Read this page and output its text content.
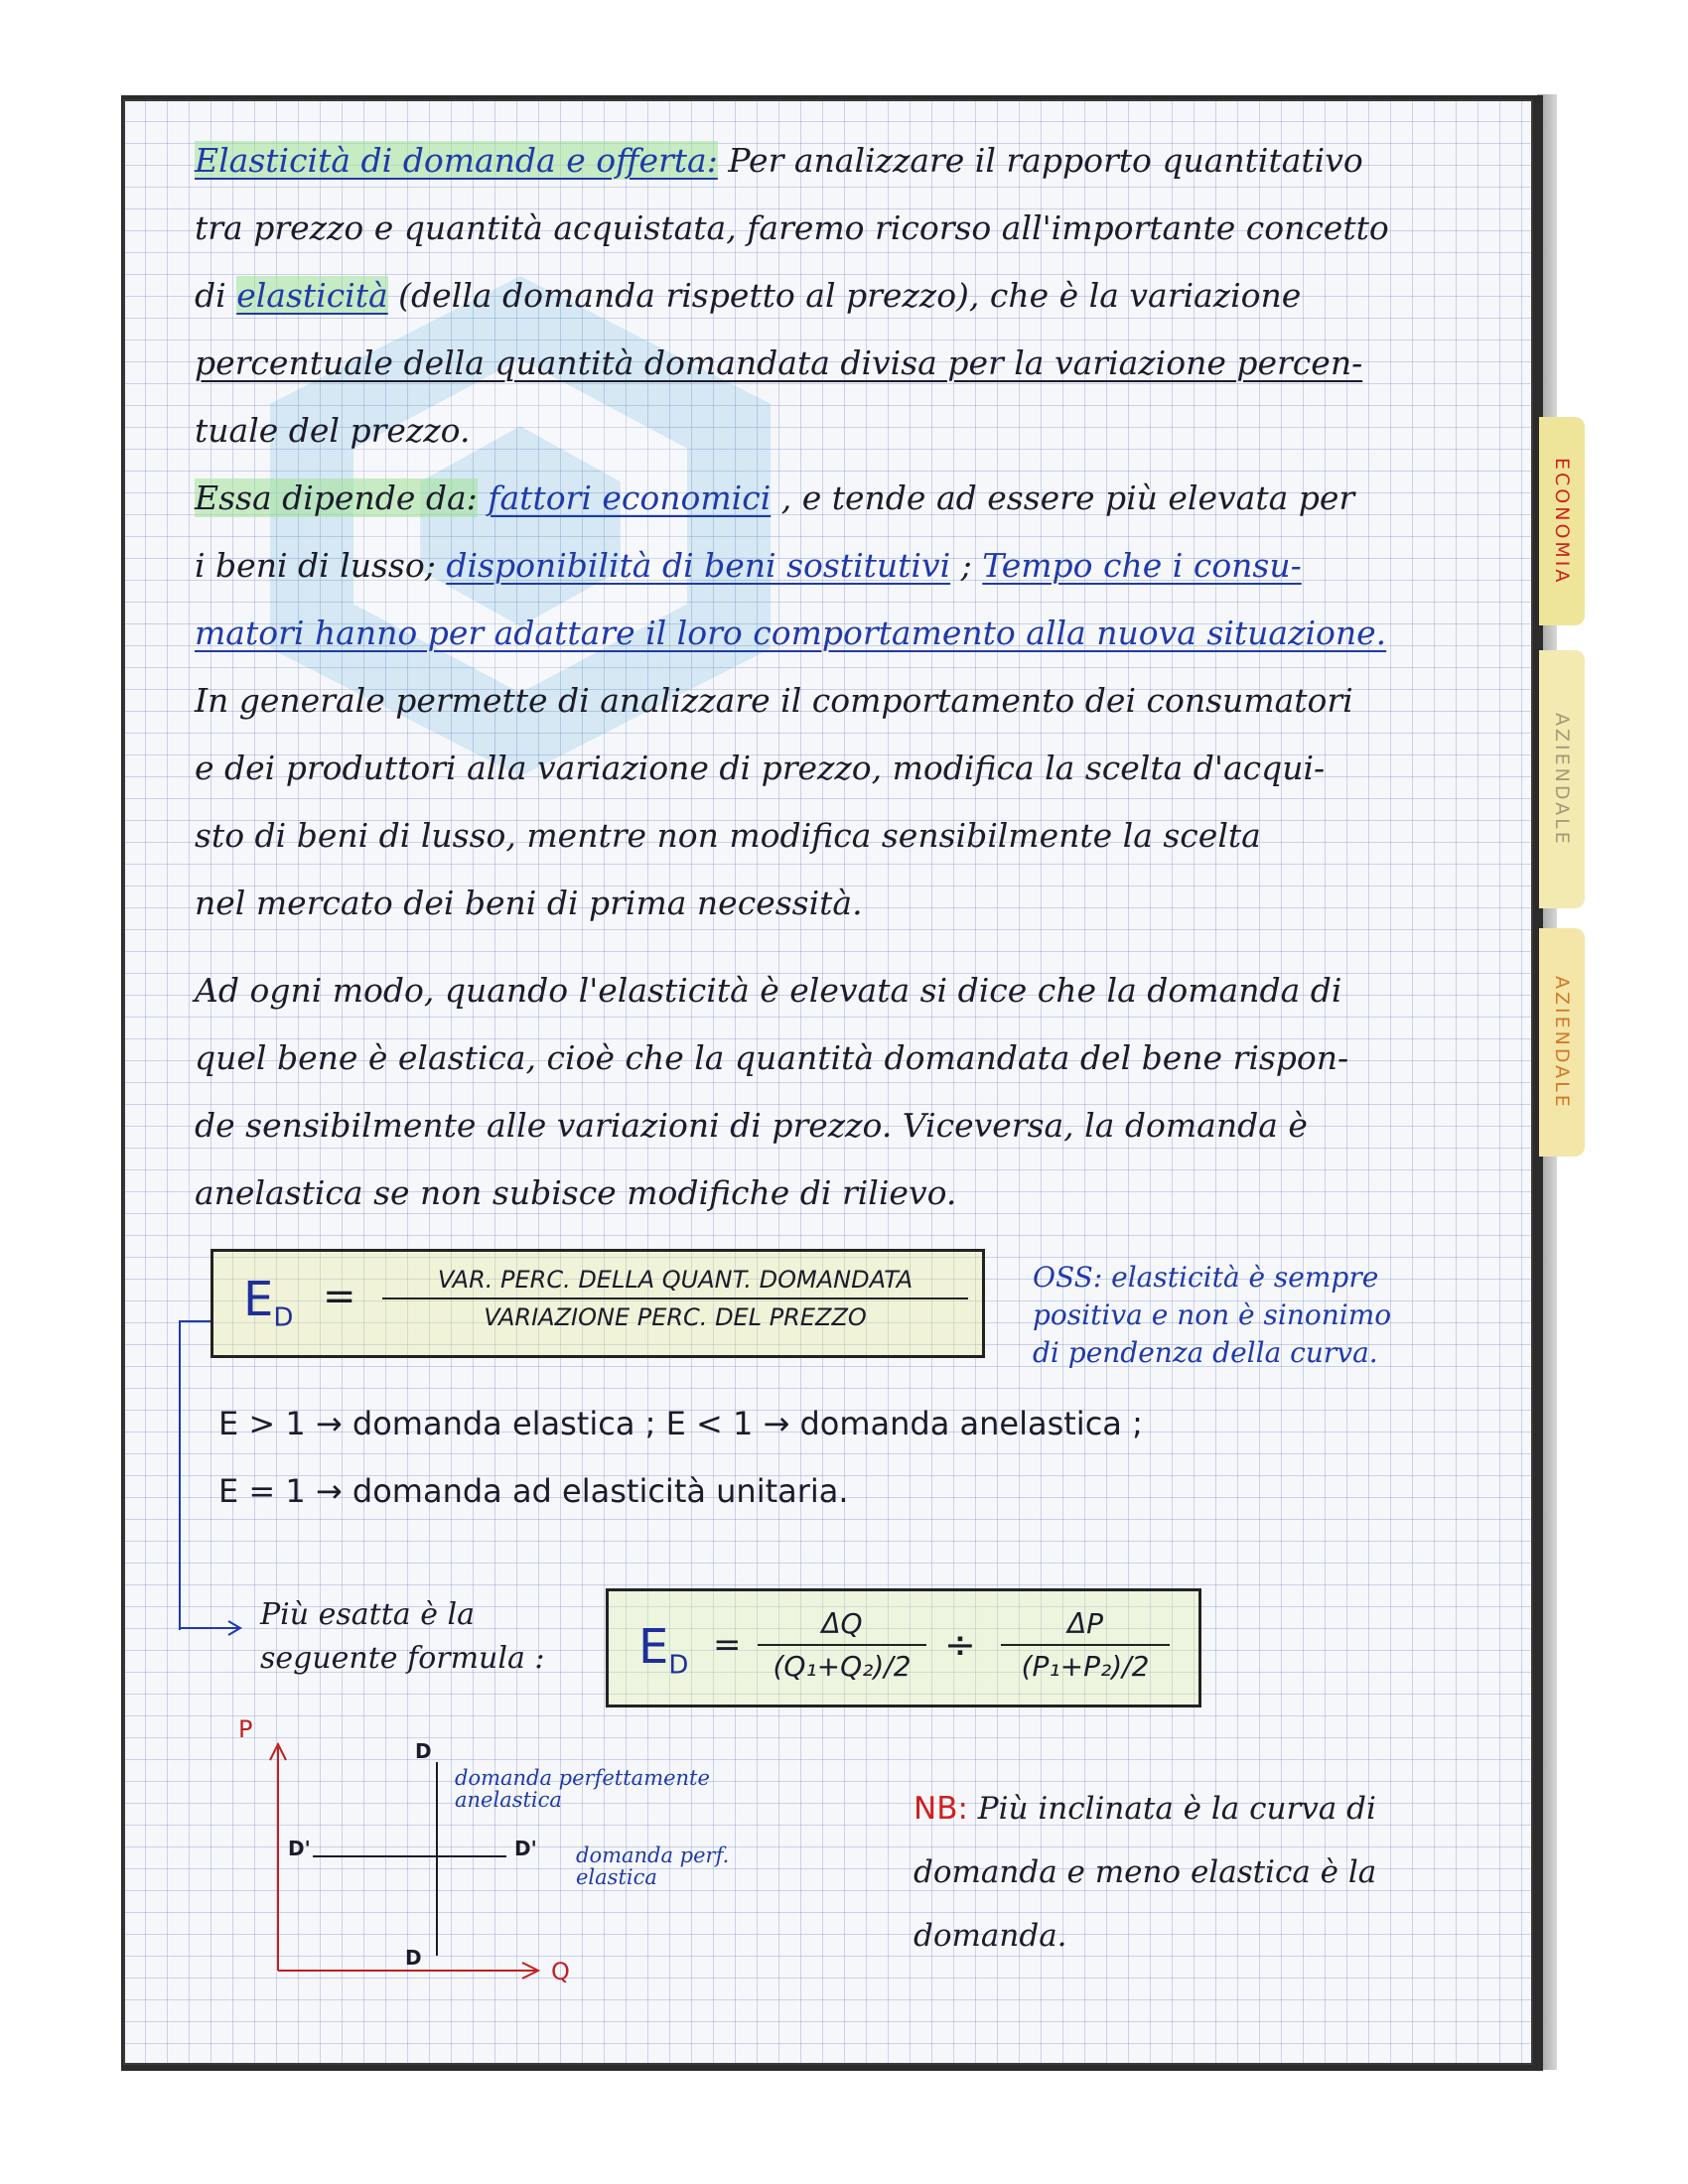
ECONOMIA
AZIENDALE
AZIENDALE

Elasticità di domanda e offerta: Per analizzare il rapporto quantitativo

tra prezzo e quantità acquistata, faremo ricorso all'importante concetto

di elasticità (della domanda rispetto al prezzo), che è la variazione

percentuale della quantità domandata divisa per la variazione percen-

tuale del prezzo.

Essa dipende da: fattori economici , e tende ad essere più elevata per

i beni di lusso; disponibilità di beni sostitutivi ; Tempo che i consu-

matori hanno per adattare il loro comportamento alla nuova situazione.

In generale permette di analizzare il comportamento dei consumatori

e dei produttori alla variazione di prezzo, modifica la scelta d'acqui-

sto di beni di lusso, mentre non modifica sensibilmente la scelta

nel mercato dei beni di prima necessità.

Ad ogni modo, quando l'elasticità è elevata si dice che la domanda di

quel bene è elastica, cioè che la quantità domandata del bene rispon-

de sensibilmente alle variazioni di prezzo. Viceversa, la domanda è

anelastica se non subisce modifiche di rilievo.

$E_D$ =	VAR. PERC. DELLA QUANT. DOMANDATA
VARIAZIONE PERC. DEL PREZZO
OSS: elasticità è sempre
positiva e non è sinonimo
di pendenza della curva.

E > 1 → domanda elastica ; E < 1 → domanda anelastica ;

E = 1 → domanda ad elasticità unitaria.

Più esatta è la
seguente formula : $E_D$
=
ΔQ
(Q₁+Q₂)/2 ÷	ΔP
(P₁+P₂)/2
P
Q
D
D
D'	D'
domanda perfettamente
anelastica
domanda perf.
elastica
NB: Più inclinata è la curva di
domanda e meno elastica è la
domanda.
